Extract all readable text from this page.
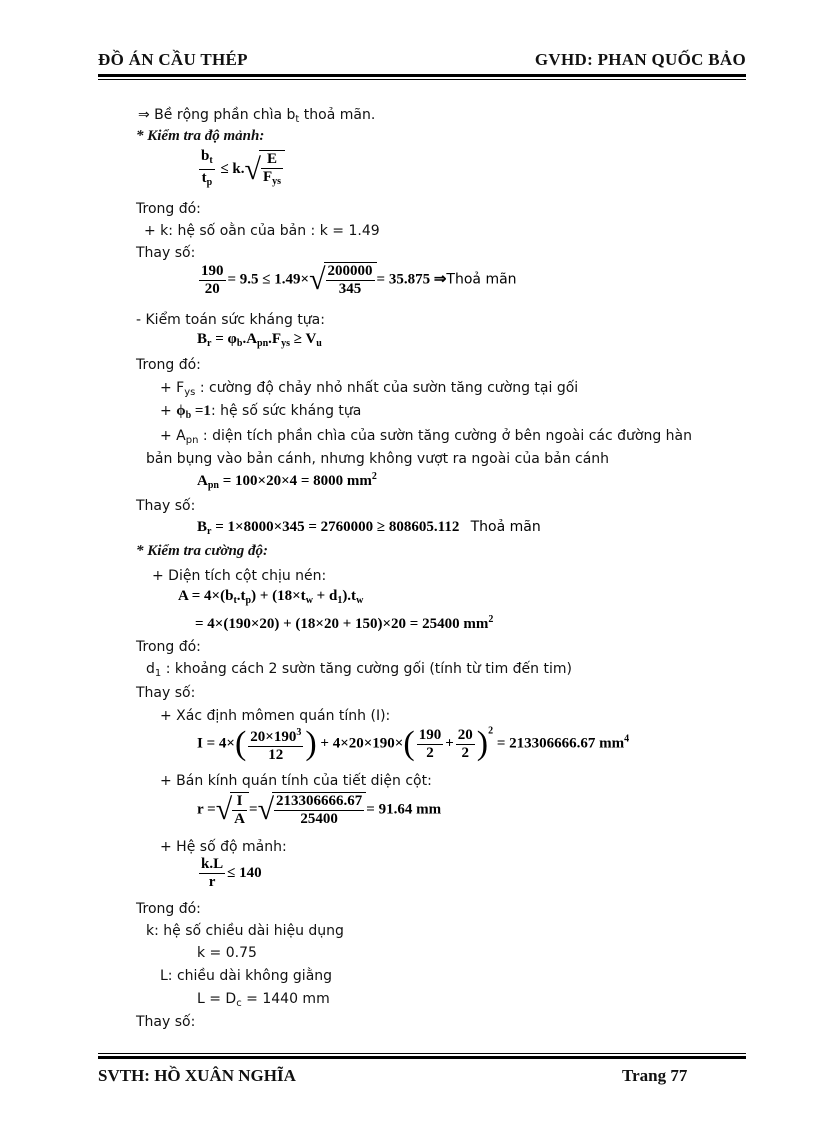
ĐỒ ÁN CẦU THÉP	GVHD: PHAN QUỐC BẢO
⇒ Bề rộng phần chìa $b_t$ thoả mãn.
* Kiểm tra độ mảnh:
$\frac{b_t}{t_p} \le k.√ \frac{E}{F_{ys}}$
Trong đó:
+ k: hệ số oằn của bản : k = 1.49
Thay số:
$\frac{190}{20} = 9.5 \le 1.49\times√ \frac{200000}{345} = 35.875$ ⇒Thoả mãn
- Kiểm toán sức kháng tựa:
$B_r = \varphi_b.A_{pn}.F_{ys} \ge V_u$
Trong đó:
+ $F_{ys}$ : cường độ chảy nhỏ nhất của sườn tăng cường tại gối
+ $\phi_b =1$: hệ số sức kháng tựa
+ $A_{pn}$ : diện tích phần chìa của sườn tăng cường ở bên ngoài các đường hàn
bản bụng vào bản cánh, nhưng không vượt ra ngoài của bản cánh
$A_{pn} = 100\times 20\times 4 = 8000$ $mm^2$
Thay số:
$B_r = 1\times 8000\times 345 = 2760000 \ge 808605.112$ Thoả mãn
* Kiểm tra cường độ:
+ Diện tích cột chịu nén:
$A = 4\times(b_t.t_p) + (18\times t_w + d_1).t_w$
= 4×(190×20) + (18×20 + 150)×20 = 25400 $mm^2$
Trong đó:
$d_1$ : khoảng cách 2 sườn tăng cường gối (tính từ tim đến tim)
Thay số:
+ Xác định mômen quán tính (I):
$I = 4\times( \frac{20\times 190^3}{12}$ ) + $4\times 20\times 190\times( \frac{190}{2} + \frac{20}{2} )^2 = 213306666.67$ $mm^4$
+ Bán kính quán tính của tiết diện cột:
r =√ $\frac{I}{A}$ =√ $\frac{213306666.67}{25400} = 91.64$ mm
+ Hệ số độ mảnh:
$\frac{k.L}{r} \le 140$
Trong đó:
k: hệ số chiều dài hiệu dụng
k = 0.75
L: chiều dài không giằng
$L = D_c = 1440$ mm
Thay số:
SVTH: HỒ XUÂN NGHĨA	Trang 77
